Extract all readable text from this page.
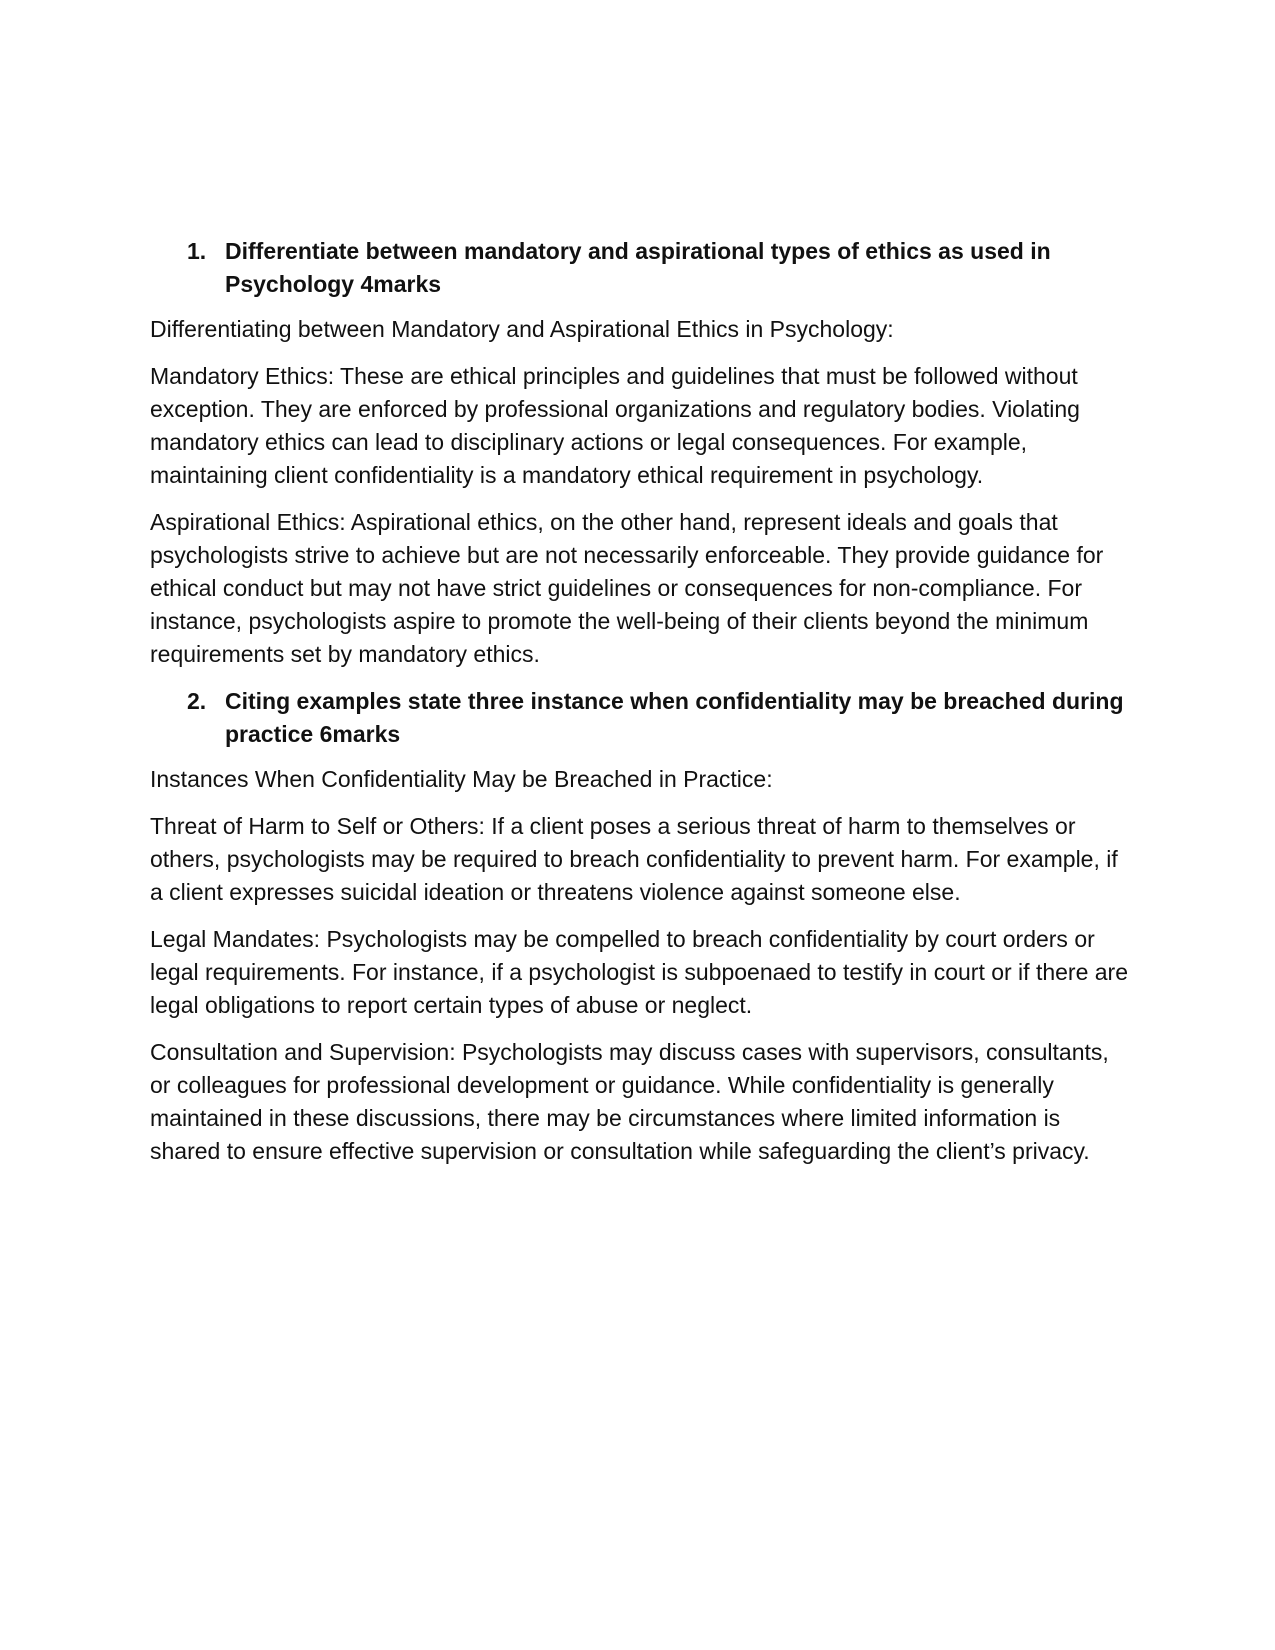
1. Differentiate between mandatory and aspirational types of ethics as used in Psychology 4marks

Differentiating between Mandatory and Aspirational Ethics in Psychology:

Mandatory Ethics: These are ethical principles and guidelines that must be followed without exception. They are enforced by professional organizations and regulatory bodies. Violating mandatory ethics can lead to disciplinary actions or legal consequences. For example, maintaining client confidentiality is a mandatory ethical requirement in psychology.

Aspirational Ethics: Aspirational ethics, on the other hand, represent ideals and goals that psychologists strive to achieve but are not necessarily enforceable. They provide guidance for ethical conduct but may not have strict guidelines or consequences for non-compliance. For instance, psychologists aspire to promote the well-being of their clients beyond the minimum requirements set by mandatory ethics.

2. Citing examples state three instance when confidentiality may be breached during practice 6marks

Instances When Confidentiality May be Breached in Practice:

Threat of Harm to Self or Others: If a client poses a serious threat of harm to themselves or others, psychologists may be required to breach confidentiality to prevent harm. For example, if a client expresses suicidal ideation or threatens violence against someone else.

Legal Mandates: Psychologists may be compelled to breach confidentiality by court orders or legal requirements. For instance, if a psychologist is subpoenaed to testify in court or if there are legal obligations to report certain types of abuse or neglect.

Consultation and Supervision: Psychologists may discuss cases with supervisors, consultants, or colleagues for professional development or guidance. While confidentiality is generally maintained in these discussions, there may be circumstances where limited information is shared to ensure effective supervision or consultation while safeguarding the client’s privacy.
